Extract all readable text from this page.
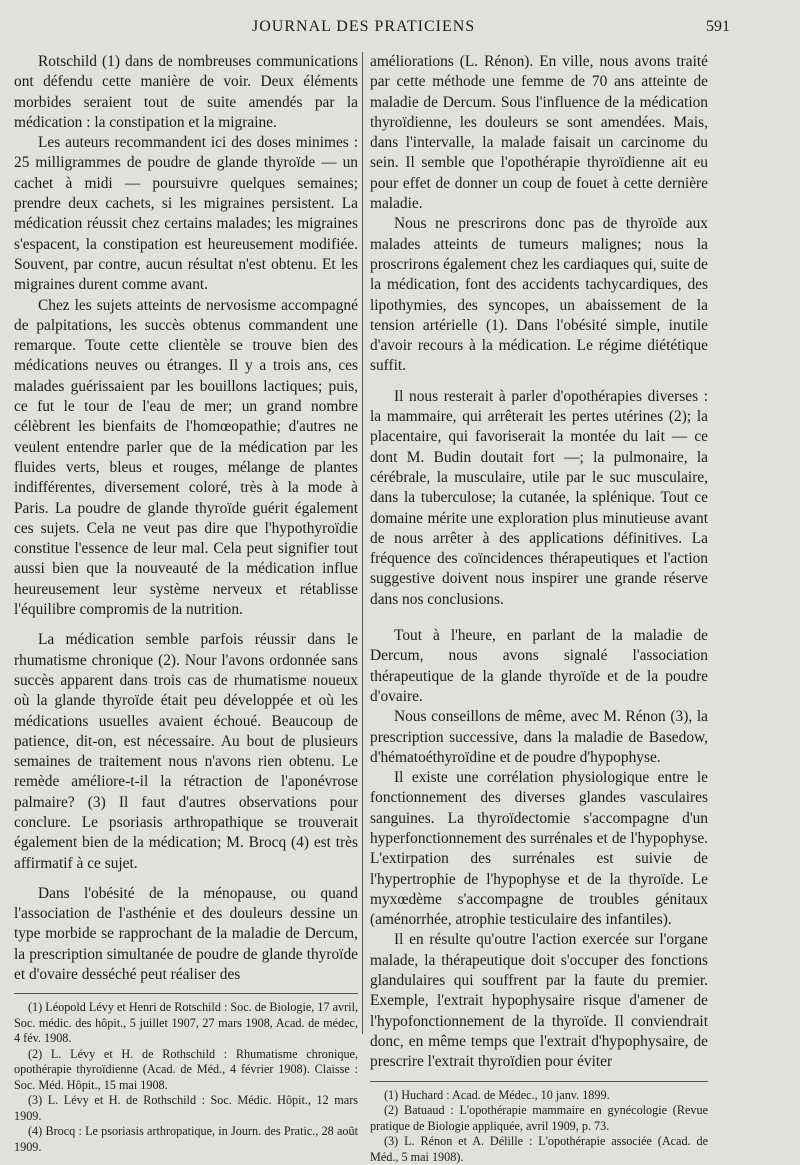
JOURNAL DES PRATICIENS	591

Rotschild (1) dans de nombreuses communications ont défendu cette manière de voir. Deux éléments morbides seraient tout de suite amendés par la médication : la constipation et la migraine.

Les auteurs recommandent ici des doses minimes : 25 milligrammes de poudre de glande thyroïde — un cachet à midi — poursuivre quelques semaines; prendre deux cachets, si les migraines persistent. La médication réussit chez certains malades; les migraines s'espacent, la constipation est heureusement modifiée. Souvent, par contre, aucun résultat n'est obtenu. Et les migraines durent comme avant.

Chez les sujets atteints de nervosisme accompagné de palpitations, les succès obtenus commandent une remarque. Toute cette clientèle se trouve bien des médications neuves ou étranges. Il y a trois ans, ces malades guérissaient par les bouillons lactiques; puis, ce fut le tour de l'eau de mer; un grand nombre célèbrent les bienfaits de l'homœopathie; d'autres ne veulent entendre parler que de la médication par les fluides verts, bleus et rouges, mélange de plantes indifférentes, diversement coloré, très à la mode à Paris. La poudre de glande thyroïde guérit également ces sujets. Cela ne veut pas dire que l'hypothyroïdie constitue l'essence de leur mal. Cela peut signifier tout aussi bien que la nouveauté de la médication influe heureusement leur système nerveux et rétablisse l'équilibre compromis de la nutrition.

La médication semble parfois réussir dans le rhumatisme chronique (2). Nour l'avons ordonnée sans succès apparent dans trois cas de rhumatisme noueux où la glande thyroïde était peu développée et où les médications usuelles avaient échoué. Beaucoup de patience, dit-on, est nécessaire. Au bout de plusieurs semaines de traitement nous n'avons rien obtenu. Le remède améliore-t-il la rétraction de l'aponévrose palmaire? (3) Il faut d'autres observations pour conclure. Le psoriasis arthropathique se trouverait également bien de la médication; M. Brocq (4) est très affirmatif à ce sujet.

Dans l'obésité de la ménopause, ou quand l'association de l'asthénie et des douleurs dessine un type morbide se rapprochant de la maladie de Dercum, la prescription simultanée de poudre de glande thyroïde et d'ovaire desséché peut réaliser des

(1) Léopold Lévy et Henri de Rotschild : Soc. de Biologie, 17 avril, Soc. médic. des hôpit., 5 juillet 1907, 27 mars 1908, Acad. de médec, 4 fév. 1908.

(2) L. Lévy et H. de Rothschild : Rhumatisme chronique, opothérapie thyroïdienne (Acad. de Méd., 4 février 1908). Claisse : Soc. Méd. Hôpit., 15 mai 1908.

(3) L. Lévy et H. de Rothschild : Soc. Médic. Hôpit., 12 mars 1909.

(4) Brocq : Le psoriasis arthropatique, in Journ. des Pratic., 28 août 1909.

améliorations (L. Rénon). En ville, nous avons traité par cette méthode une femme de 70 ans atteinte de maladie de Dercum. Sous l'influence de la médication thyroïdienne, les douleurs se sont amendées. Mais, dans l'intervalle, la malade faisait un carcinome du sein. Il semble que l'opothérapie thyroïdienne ait eu pour effet de donner un coup de fouet à cette dernière maladie.

Nous ne prescrirons donc pas de thyroïde aux malades atteints de tumeurs malignes; nous la proscrirons également chez les cardiaques qui, suite de la médication, font des accidents tachycardiques, des lipothymies, des syncopes, un abaissement de la tension artérielle (1). Dans l'obésité simple, inutile d'avoir recours à la médication. Le régime diététique suffit.

Il nous resterait à parler d'opothérapies diverses : la mammaire, qui arrêterait les pertes utérines (2); la placentaire, qui favoriserait la montée du lait — ce dont M. Budin doutait fort —; la pulmonaire, la cérébrale, la musculaire, utile par le suc musculaire, dans la tuberculose; la cutanée, la splénique. Tout ce domaine mérite une exploration plus minutieuse avant de nous arrêter à des applications définitives. La fréquence des coïncidences thérapeutiques et l'action suggestive doivent nous inspirer une grande réserve dans nos conclusions.

Tout à l'heure, en parlant de la maladie de Dercum, nous avons signalé l'association thérapeutique de la glande thyroïde et de la poudre d'ovaire.

Nous conseillons de même, avec M. Rénon (3), la prescription successive, dans la maladie de Basedow, d'hématoéthyroïdine et de poudre d'hypophyse.

Il existe une corrélation physiologique entre le fonctionnement des diverses glandes vasculaires sanguines. La thyroïdectomie s'accompagne d'un hyperfonctionnement des surrénales et de l'hypophyse. L'extirpation des surrénales est suivie de l'hypertrophie de l'hypophyse et de la thyroïde. Le myxœdème s'accompagne de troubles génitaux (aménorrhée, atrophie testiculaire des infantiles).

Il en résulte qu'outre l'action exercée sur l'organe malade, la thérapeutique doit s'occuper des fonctions glandulaires qui souffrent par la faute du premier. Exemple, l'extrait hypophysaire risque d'amener de l'hypofonctionnement de la thyroïde. Il conviendrait donc, en même temps que l'extrait d'hypophysaire, de prescrire l'extrait thyroïdien pour éviter

(1) Huchard : Acad. de Médec., 10 janv. 1899.

(2) Batuaud : L'opothérapie mammaire en gynécologie (Revue pratique de Biologie appliquée, avril 1909, p. 73.

(3) L. Rénon et A. Délille : L'opothérapie associée (Acad. de Méd., 5 mai 1908).
